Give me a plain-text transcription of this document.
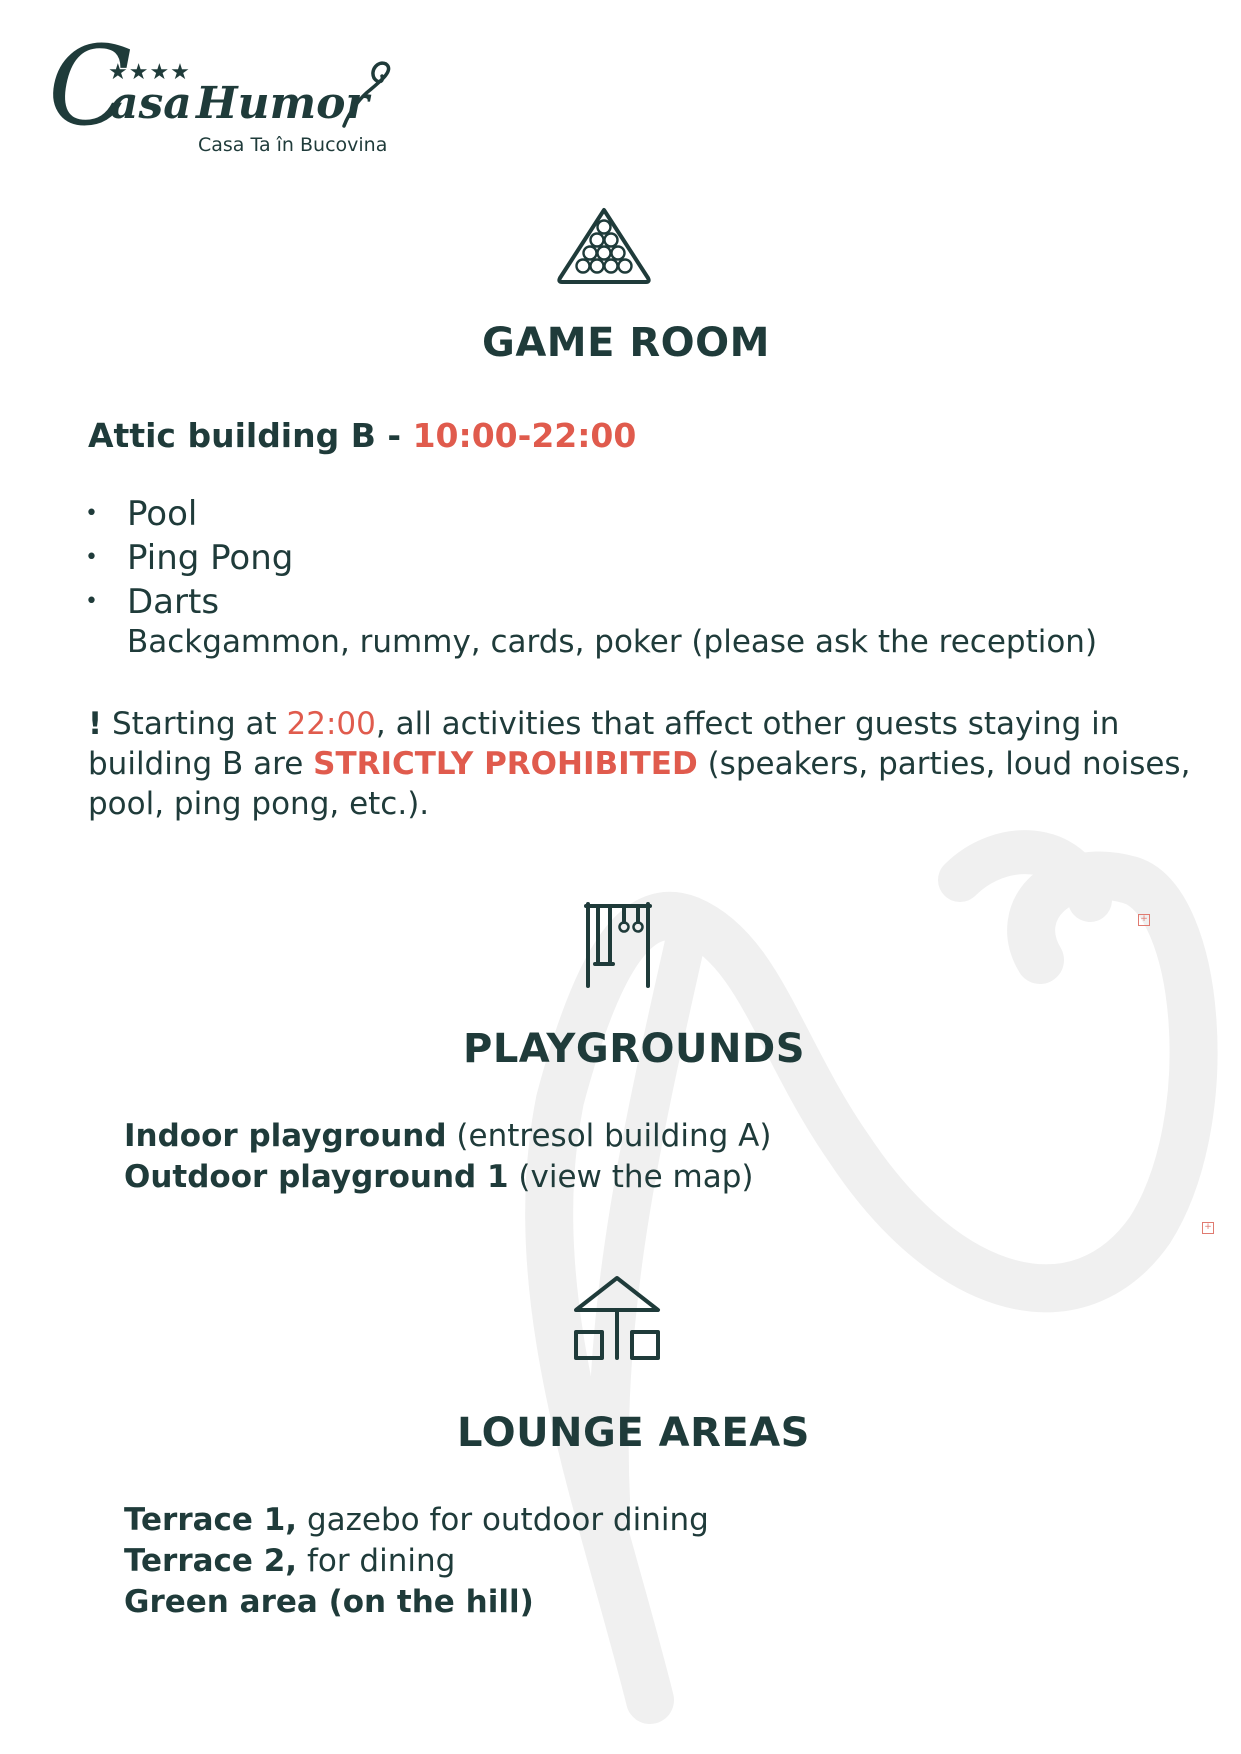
+
+
C
asa Humor
★★★★
Casa Ta în Bucovina
GAME ROOM
Attic building B - 10:00-22:00
• Pool
• Ping Pong
• Darts
Backgammon, rummy, cards, poker (please ask the reception)
! Starting at 22:00, all activities that affect other guests staying in
building B are STRICTLY PROHIBITED (speakers, parties, loud noises,
pool, ping pong, etc.).
PLAYGROUNDS
Indoor playground (entresol building A)
Outdoor playground 1 (view the map)
LOUNGE AREAS
Terrace 1, gazebo for outdoor dining
Terrace 2, for dining
Green area (on the hill)
